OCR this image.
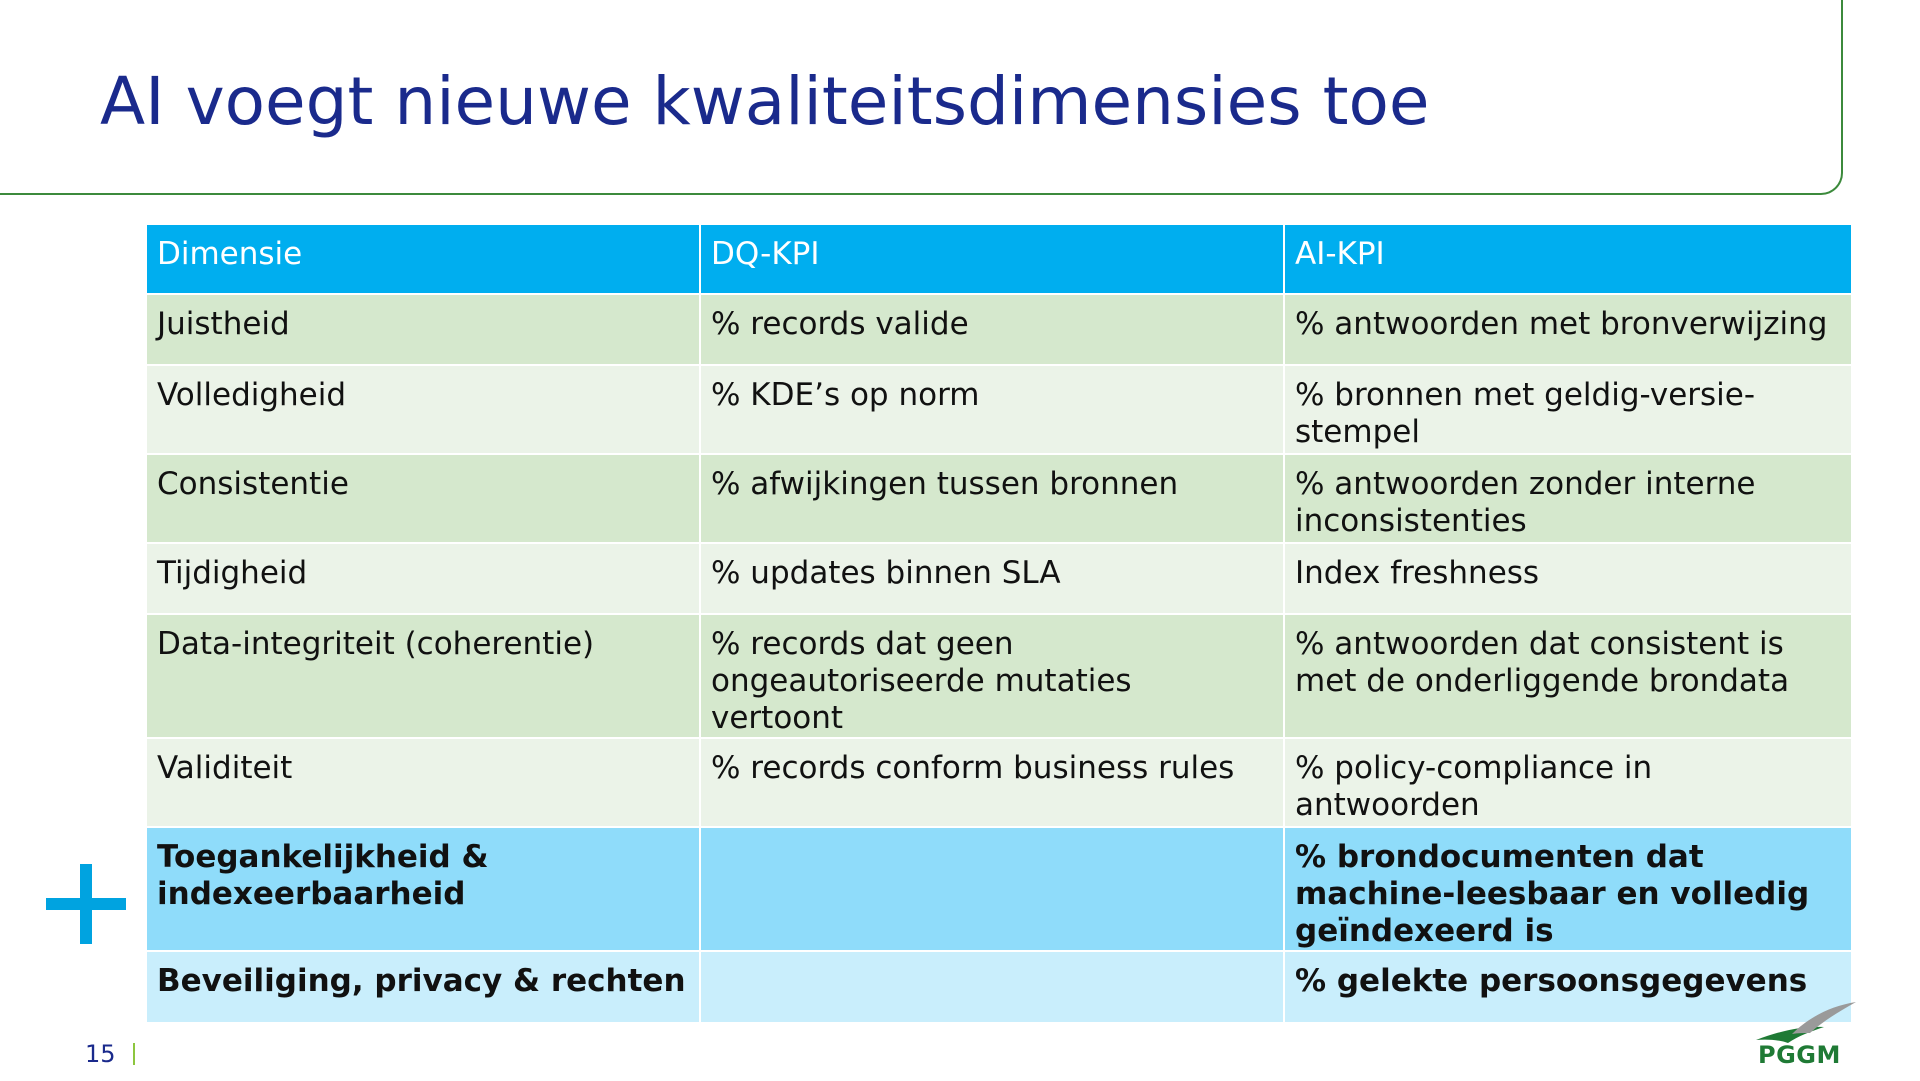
AI voegt nieuwe kwaliteitsdimensies toe
Dimensie	DQ-KPI	AI-KPI
Juistheid	% records valide	% antwoorden met bronverwijzing
Volledigheid	% KDE’s op norm	% bronnen met geldig-versie-stempel
Consistentie	% afwijkingen tussen bronnen	% antwoorden zonder interne inconsistenties
Tijdigheid	% updates binnen SLA	Index freshness
Data-integriteit (coherentie)	% records dat geen ongeautoriseerde mutaties vertoont	% antwoorden dat consistent is met de onderliggende brondata
Validiteit	% records conform business rules	% policy-compliance in antwoorden
Toegankelijkheid & indexeerbaarheid		% brondocumenten dat machine-leesbaar en volledig geïndexeerd is
Beveiliging, privacy & rechten		% gelekte persoonsgegevens
15	PGGM
